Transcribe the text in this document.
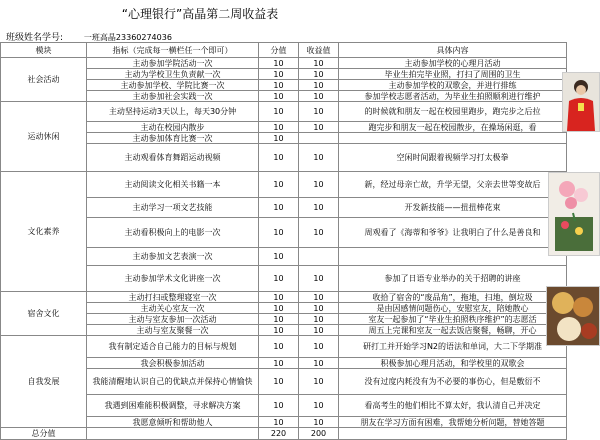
“心理银行”高晶第二周收益表
班级姓名学号:	一班高晶23360274036
模块	指标（完成每一横栏任一个即可）	分值	收益值	具体内容
社会活动	主动参加学院活动一次	10	10	主动参加学校的心理月活动
	主动为学校卫生负责献一次	10	10	毕业生拍完毕业照，打扫了周围的卫生
	主动参加学校、学院比赛一次	10	10	主动参加学校的双歌会，并进行排练
	主动参加社会实践一次	10	10	参加学校志愿者活动，为毕业生拍照顺利进行维护
运动休闲	主动坚持运动3天以上，每天30分钟	10	10	的时候就和朋友一起在校园里跑步，跑完步之后拉
	主动在校园内散步	10	10	跑完步和朋友一起在校园散步，在操场闲逛，看
	主动参加体育比赛一次	10		
	主动观看体育舞蹈运动视频	10	10	空闲时间跟着视频学习打太极拳
文化素养	主动阅读文化相关书籍一本	10	10	新，经过母亲亡故，升学无望，父亲去世等变故后
	主动学习一项文艺技能	10	10	开发新技能——扭扭棒花束
	主动看积极向上的电影一次	10	10	周观看了《海蒂和爷爷》让我明白了什么是善良和
	主动参加文艺表演一次	10		
	主动参加学术文化讲座一次	10	10	参加了日语专业举办的关于招聘的讲座
宿舍文化	主动打扫或整理寝室一次	10	10	收拾了宿舍的“废品角”，拖地，扫地，倒垃圾
	主动关心室友一次	10	10	是由因感情问题伤心，安慰室友，陪她散心
	主动与室友参加一次活动	10	10	室友一起参加了“毕业生拍照秩序维护”的志愿活
	主动与室友聚餐一次	10	10	周五上完课和室友一起去饭店聚餐，畅聊，开心
自我发展	我有制定适合自己能力的目标与规划	10	10	研打工并开始学习N2的语法和单词，大二下学期准
	我会积极参加活动	10	10	积极参加心理月活动，和学校里的双歌会
	我能清醒地认识自己的优缺点并保持心情愉快	10	10	没有过度内耗没有为不必要的事伤心，但是敷衍不
	我遇到困难能积极调整，寻求解决方案	10	10	看高考生的他们相比不算太好，我认清自己并决定
	我愿意倾听和帮助他人	10	10	朋友在学习方面有困难，我帮她分析问题，替她答题
总分值		220	200	
